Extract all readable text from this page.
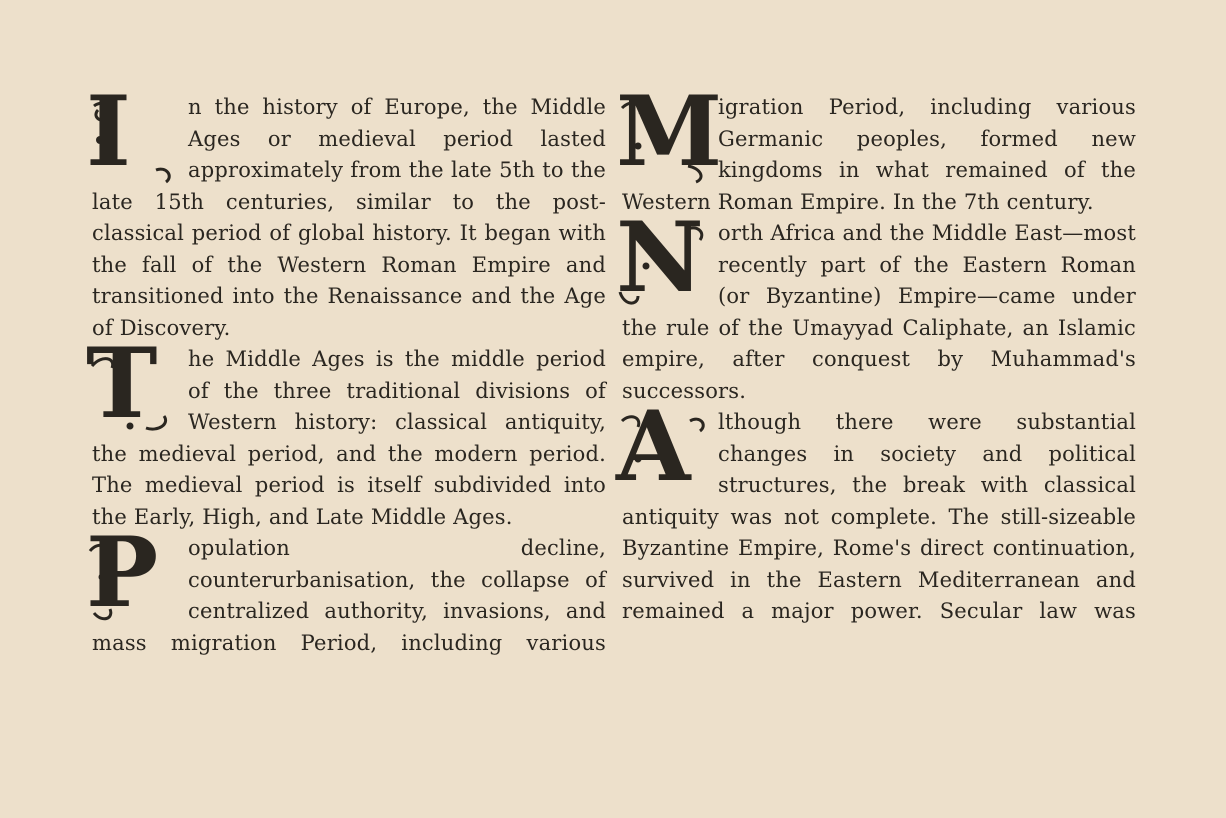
I	n the history of Europe, the Middle Ages or medieval period lasted approximately from the late 5th to the late 15th centuries, similar to the post-classical period of global history. It began with the fall of the Western Roman Empire and transitioned into the Renaissance and the Age of Discovery.

T	he Middle Ages is the middle period of the three traditional divisions of Western history: classical antiquity, the medieval period, and the modern period. The medieval period is itself subdivided into the Early, High, and Late Middle Ages.

P	opulation decline, counterurbanisation, the collapse of centralized authority, invasions, and mass migration Period, including various

M
igration Period, including various Germanic peoples, formed new kingdoms in what remained of the Western Roman Empire. In the 7th century.

N orth Africa and the Middle East—most recently part of the Eastern Roman (or Byzantine) Empire—came under the rule of the Umayyad Caliphate, an Islamic empire, after conquest by Muhammad's successors.

A	lthough there were substantial changes in society and political structures, the break with classical antiquity was not complete. The still-sizeable Byzantine Empire, Rome's direct continuation, survived in the Eastern Mediterranean and remained a major power. Secular law was
